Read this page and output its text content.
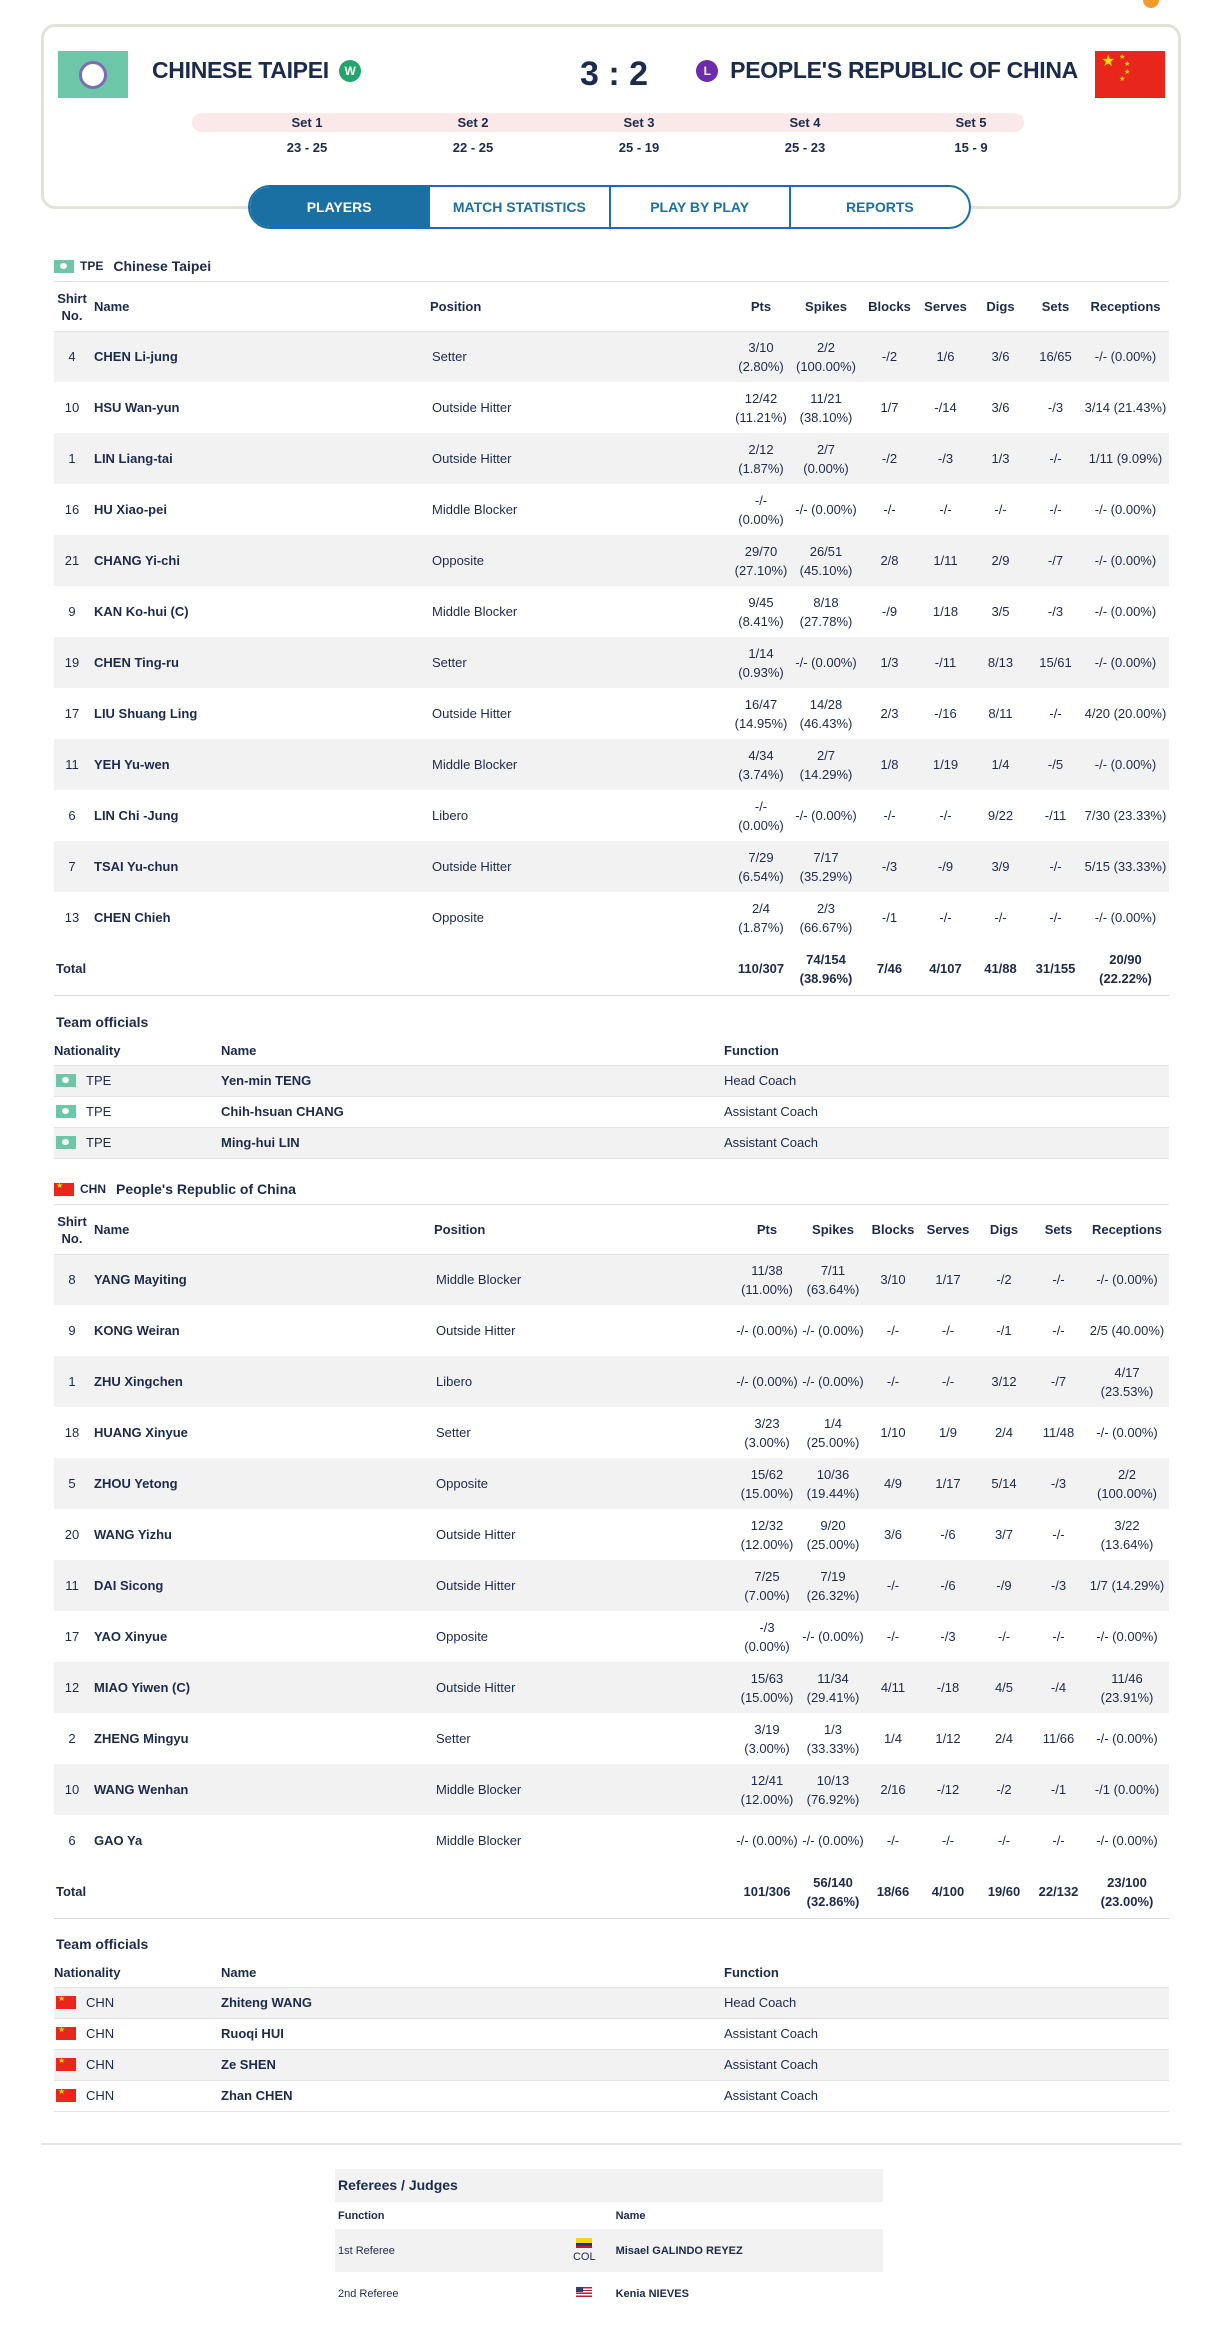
CHINESE TAIPEI W	3 : 2	L PEOPLE'S REPUBLIC OF CHINA ★ ★
★
★
★
Set 1
23 - 25
Set 2
22 - 25
Set 3
25 - 19
Set 4
25 - 23
Set 5
15 - 9
PLAYERS	MATCH STATISTICS	PLAY BY PLAY	REPORTS
TPE Chinese Taipei
Shirt No.	Name	Position	Pts	Spikes	Blocks	Serves	Digs	Sets	Receptions
4	CHEN Li-jung	Setter	3/10 (2.80%)	2/2 (100.00%)	-/2	1/6	3/6	16/65	-/- (0.00%)
10	HSU Wan-yun	Outside Hitter	12/42 (11.21%)	11/21 (38.10%)	1/7	-/14	3/6	-/3	3/14 (21.43%)
1	LIN Liang-tai	Outside Hitter	2/12 (1.87%)	2/7 (0.00%)	-/2	-/3	1/3	-/-	1/11 (9.09%)
16	HU Xiao-pei	Middle Blocker	-/- (0.00%)	-/- (0.00%)	-/-	-/-	-/-	-/-	-/- (0.00%)
21	CHANG Yi-chi	Opposite	29/70 (27.10%)	26/51 (45.10%)	2/8	1/11	2/9	-/7	-/- (0.00%)
9	KAN Ko-hui (C)	Middle Blocker	9/45 (8.41%)	8/18 (27.78%)	-/9	1/18	3/5	-/3	-/- (0.00%)
19	CHEN Ting-ru	Setter	1/14 (0.93%)	-/- (0.00%)	1/3	-/11	8/13	15/61	-/- (0.00%)
17	LIU Shuang Ling	Outside Hitter	16/47 (14.95%)	14/28 (46.43%)	2/3	-/16	8/11	-/-	4/20 (20.00%)
11	YEH Yu-wen	Middle Blocker	4/34 (3.74%)	2/7 (14.29%)	1/8	1/19	1/4	-/5	-/- (0.00%)
6	LIN Chi -Jung	Libero	-/- (0.00%)	-/- (0.00%)	-/-	-/-	9/22	-/11	7/30 (23.33%)
7	TSAI Yu-chun	Outside Hitter	7/29 (6.54%)	7/17 (35.29%)	-/3	-/9	3/9	-/-	5/15 (33.33%)
13	CHEN Chieh	Opposite	2/4 (1.87%)	2/3 (66.67%)	-/1	-/-	-/-	-/-	-/- (0.00%)
Total			110/307	74/154 (38.96%)	7/46	4/107	41/88	31/155	20/90 (22.22%)
Team officials
Nationality	Name	Function

TPE	Yen-min TENG	Head Coach

TPE	Chih-hsuan CHANG	Assistant Coach

TPE	Ming-hui LIN	Assistant Coach
★
CHN People's Republic of China
Shirt No.	Name	Position	Pts	Spikes	Blocks	Serves	Digs	Sets	Receptions
8	YANG Mayiting	Middle Blocker	11/38 (11.00%)	7/11 (63.64%)	3/10	1/17	-/2	-/-	-/- (0.00%)
9	KONG Weiran	Outside Hitter	-/- (0.00%)	-/- (0.00%)	-/-	-/-	-/1	-/-	2/5 (40.00%)
1	ZHU Xingchen	Libero	-/- (0.00%)	-/- (0.00%)	-/-	-/-	3/12	-/7	4/17 (23.53%)
18	HUANG Xinyue	Setter	3/23 (3.00%)	1/4 (25.00%)	1/10	1/9	2/4	11/48	-/- (0.00%)
5	ZHOU Yetong	Opposite	15/62 (15.00%)	10/36 (19.44%)	4/9	1/17	5/14	-/3	2/2 (100.00%)
20	WANG Yizhu	Outside Hitter	12/32 (12.00%)	9/20 (25.00%)	3/6	-/6	3/7	-/-	3/22 (13.64%)
11	DAI Sicong	Outside Hitter	7/25 (7.00%)	7/19 (26.32%)	-/-	-/6	-/9	-/3	1/7 (14.29%)
17	YAO Xinyue	Opposite	-/3 (0.00%)	-/- (0.00%)	-/-	-/3	-/-	-/-	-/- (0.00%)
12	MIAO Yiwen (C)	Outside Hitter	15/63 (15.00%)	11/34 (29.41%)	4/11	-/18	4/5	-/4	11/46 (23.91%)
2	ZHENG Mingyu	Setter	3/19 (3.00%)	1/3 (33.33%)	1/4	1/12	2/4	11/66	-/- (0.00%)
10	WANG Wenhan	Middle Blocker	12/41 (12.00%)	10/13 (76.92%)	2/16	-/12	-/2	-/1	-/1 (0.00%)
6	GAO Ya	Middle Blocker	-/- (0.00%)	-/- (0.00%)	-/-	-/-	-/-	-/-	-/- (0.00%)
Total			101/306	56/140 (32.86%)	18/66	4/100	19/60	22/132	23/100 (23.00%)
Team officials
Nationality	Name	Function

★
CHN	Zhiteng WANG	Head Coach

★
CHN	Ruoqi HUI	Assistant Coach

★
CHN	Ze SHEN	Assistant Coach

★
CHN	Zhan CHEN	Assistant Coach
Referees / Judges
Function		Name
1st Referee	COL	Misael GALINDO REYEZ
2nd Referee		Kenia NIEVES
